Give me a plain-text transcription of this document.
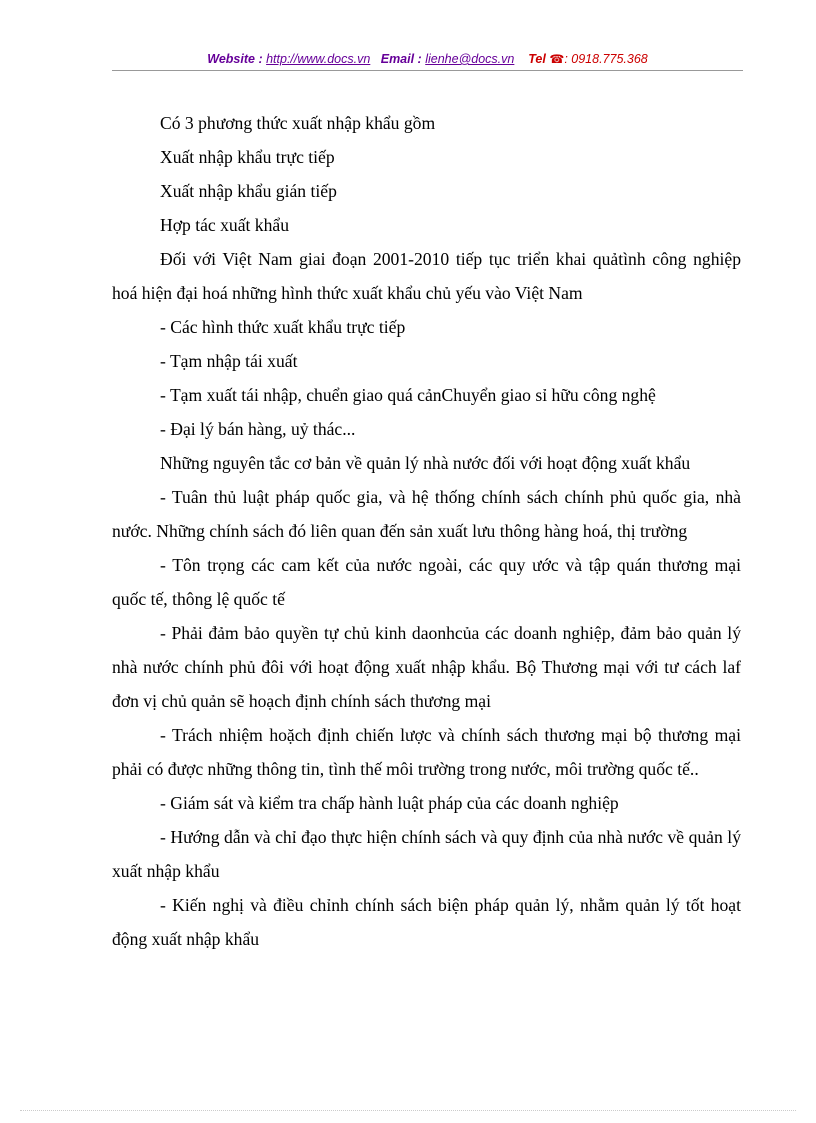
Website : http://www.docs.vn Email : lienhe@docs.vn Tel ☎: 0918.775.368

Có 3 phương thức xuất nhập khẩu gồm

Xuất nhập khẩu trực tiếp

Xuất nhập khẩu gián tiếp

Hợp tác xuất khẩu

Đối với Việt Nam giai đoạn 2001-2010 tiếp tục triển khai quảtình công nghiệp hoá hiện đại hoá những hình thức xuất khẩu chủ yếu vào Việt Nam

- Các hình thức xuất khẩu trực tiếp

- Tạm nhập tái xuất

- Tạm xuất tái nhập, chuển giao quá cảnChuyển giao sỉ hữu công nghệ

- Đại lý bán hàng, uỷ thác...

Những nguyên tắc cơ bản về quản lý nhà nước đối với hoạt động xuất khẩu

- Tuân thủ luật pháp quốc gia, và hệ thống chính sách chính phủ quốc gia, nhà nước. Những chính sách đó liên quan đến sản xuất lưu thông hàng hoá, thị trường

- Tôn trọng các cam kết của nước ngoài, các quy ước và tập quán thương mại quốc tế, thông lệ quốc tế

- Phải đảm bảo quyền tự chủ kinh daonhcủa các doanh nghiệp, đảm bảo quản lý nhà nước chính phủ đôi với hoạt động xuất nhập khẩu. Bộ Thương mại với tư cách laf đơn vị chủ quản sẽ hoạch định chính sách thương mại

- Trách nhiệm hoặch định chiến lược và chính sách thương mại bộ thương mại phải có được những thông tin, tình thế môi trường trong nước, môi trường quốc tế..

- Giám sát và kiểm tra chấp hành luật pháp của các doanh nghiệp

- Hướng dẫn và chỉ đạo thực hiện chính sách và quy định của nhà nước về quản lý xuất nhập khẩu

- Kiến nghị và điều chỉnh chính sách biện pháp quản lý, nhằm quản lý tốt hoạt động xuất nhập khẩu
